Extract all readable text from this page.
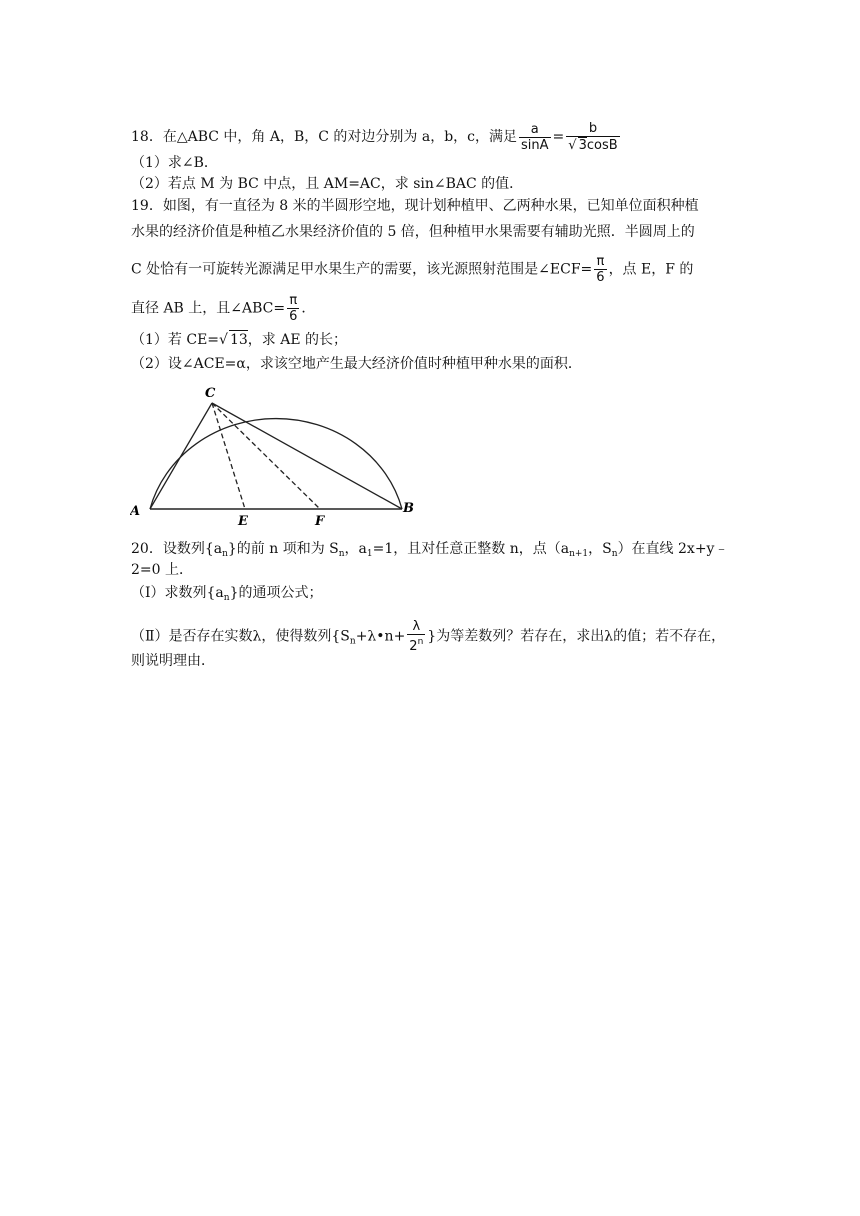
18．在△ABC 中，角 A，B，C 的对边分别为 a，b，c，满足 $\frac{a}{\sin A} = \frac{b}{√ 3\cos B}$
（1）求∠B．
（2）若点 M 为 BC 中点，且 AM=AC，求 sin∠BAC 的值．
19．如图，有一直径为 8 米的半圆形空地，现计划种植甲、乙两种水果，已知单位面积种植
水果的经济价值是种植乙水果经济价值的 5 倍，但种植甲水果需要有辅助光照．半圆周上的
C 处恰有一可旋转光源满足甲水果生产的需要，该光源照射范围是∠ECF= $\frac{\pi}{6}$ ，点 E，F 的
直径 AB 上，且∠ABC= $\frac{\pi}{6}$ ．
（1）若 CE=√ 13，求 AE 的长；
（2）设∠ACE=α，求该空地产生最大经济价值时种植甲种水果的面积．
A	B
C
E	F
20．设数列$\{a_n\}$的前 n 项和为 $S_n$，$a_1=1$，且对任意正整数 n，点（$a_{n+1}$，$S_n$）在直线 2x+y﹣
2=0 上．
（Ⅰ）求数列$\{a_n\}$的通项公式；
（Ⅱ）是否存在实数λ，使得数列{$S_n+\lambda•n+ \frac{\lambda}{2^n}$ }为等差数列？若存在，求出λ的值；若不存在，
则说明理由．
